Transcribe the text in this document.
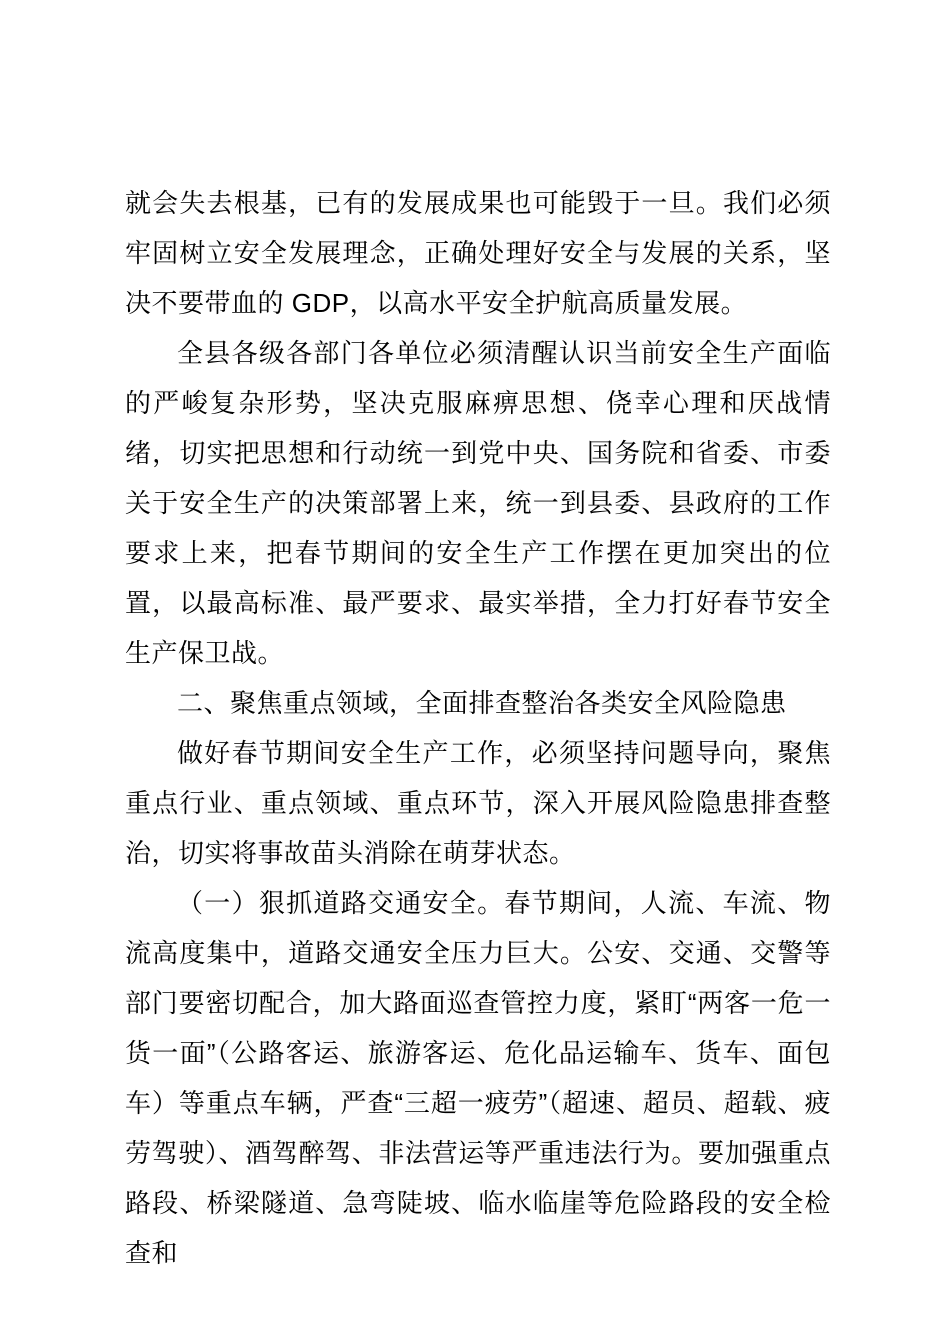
就会失去根基，已有的发展成果也可能毁于一旦。我们必须牢固树立安全发展理念，正确处理好安全与发展的关系，坚决不要带血的 GDP，以高水平安全护航高质量发展。

全县各级各部门各单位必须清醒认识当前安全生产面临的严峻复杂形势，坚决克服麻痹思想、侥幸心理和厌战情绪，切实把思想和行动统一到党中央、国务院和省委、市委关于安全生产的决策部署上来，统一到县委、县政府的工作要求上来，把春节期间的安全生产工作摆在更加突出的位置，以最高标准、最严要求、最实举措，全力打好春节安全生产保卫战。

二、聚焦重点领域，全面排查整治各类安全风险隐患

做好春节期间安全生产工作，必须坚持问题导向，聚焦重点行业、重点领域、重点环节，深入开展风险隐患排查整治，切实将事故苗头消除在萌芽状态。

（一）狠抓道路交通安全。春节期间，人流、车流、物流高度集中，道路交通安全压力巨大。公安、交通、交警等部门要密切配合，加大路面巡查管控力度，紧盯“两客一危一货一面”（公路客运、旅游客运、危化品运输车、货车、面包车）等重点车辆，严查“三超一疲劳”（超速、超员、超载、疲劳驾驶）、酒驾醉驾、非法营运等严重违法行为。要加强重点路段、桥梁隧道、急弯陡坡、临水临崖等危险路段的安全检查和
